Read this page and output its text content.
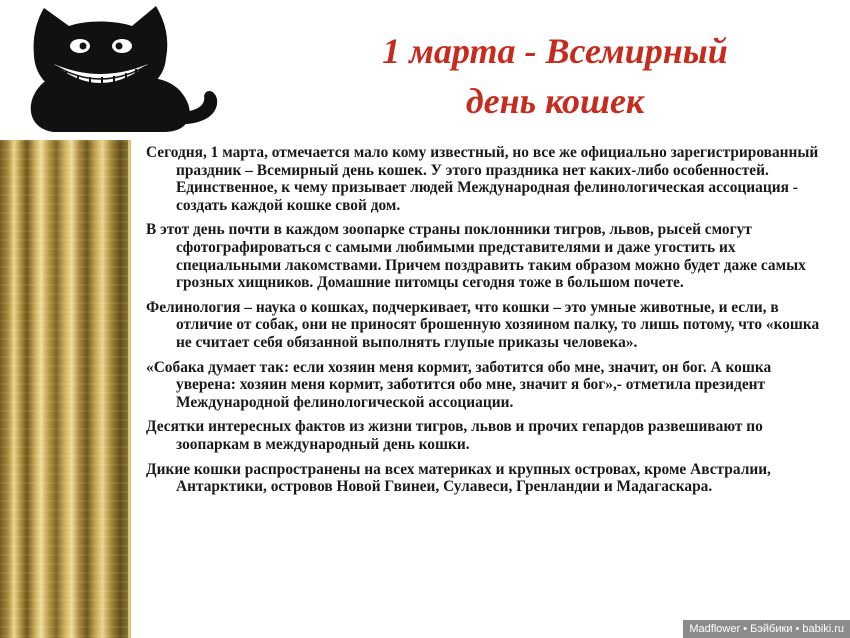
1 марта - Всемирный
день кошек

Сегодня, 1 марта, отмечается мало кому известный, но все же официально зарегистрированный праздник – Всемирный день кошек. У этого праздника нет каких-либо особенностей. Единственное, к чему призывает людей Международная фелинологическая ассоциация - создать каждой кошке свой дом.

В этот день почти в каждом зоопарке страны поклонники тигров, львов, рысей смогут сфотографироваться с самыми любимыми представителями и даже угостить их специальными лакомствами. Причем поздравить таким образом можно будет даже самых грозных хищников. Домашние питомцы сегодня тоже в большом почете.

Фелинология – наука о кошках, подчеркивает, что кошки – это умные животные, и если, в отличие от собак, они не приносят брошенную хозяином палку, то лишь потому, что «кошка не считает себя обязанной выполнять глупые приказы человека».

«Собака думает так: если хозяин меня кормит, заботится обо мне, значит, он бог. А кошка уверена: хозяин меня кормит, заботится обо мне, значит я бог»,- отметила президент Международной фелинологической ассоциации.

Десятки интересных фактов из жизни тигров, львов и прочих гепардов развешивают по зоопаркам в международный день кошки.

Дикие кошки распространены на всех материках и крупных островах, кроме Австралии, Антарктики, островов Новой Гвинеи, Сулавеси, Гренландии и Мадагаскара.

Madflower • Бэйбики • babiki.ru
